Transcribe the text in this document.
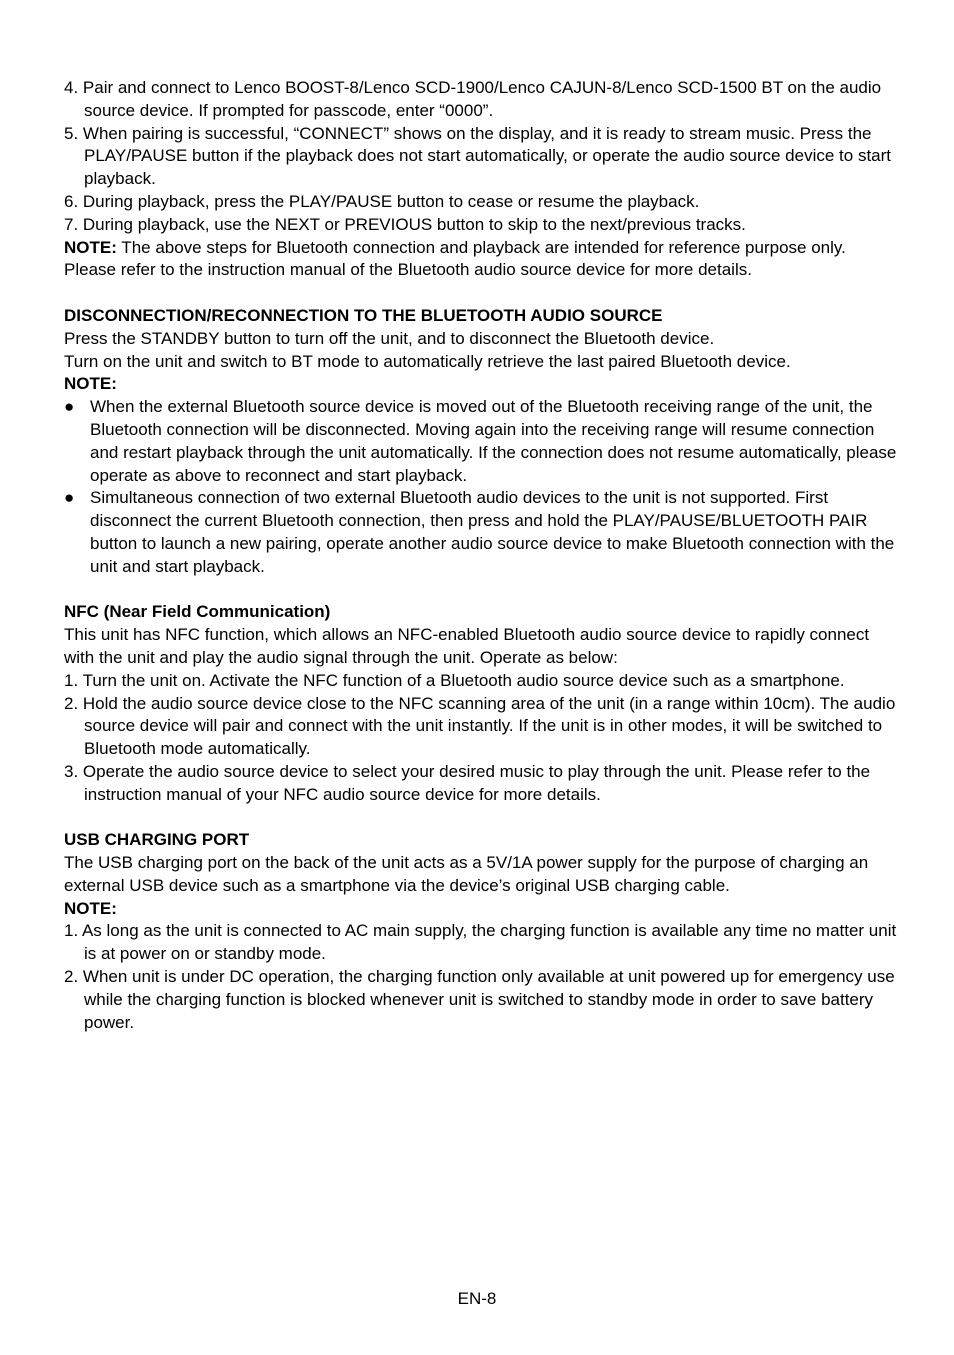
4. Pair and connect to Lenco BOOST-8/Lenco SCD-1900/Lenco CAJUN-8/Lenco SCD-1500 BT on the audio source device. If prompted for passcode, enter “0000”.

5. When pairing is successful, “CONNECT” shows on the display, and it is ready to stream music. Press the PLAY/PAUSE button if the playback does not start automatically, or operate the audio source device to start playback.

6. During playback, press the PLAY/PAUSE button to cease or resume the playback.

7. During playback, use the NEXT or PREVIOUS button to skip to the next/previous tracks.

NOTE: The above steps for Bluetooth connection and playback are intended for reference purpose only. Please refer to the instruction manual of the Bluetooth audio source device for more details.

DISCONNECTION/RECONNECTION TO THE BLUETOOTH AUDIO SOURCE

Press the STANDBY button to turn off the unit, and to disconnect the Bluetooth device.

Turn on the unit and switch to BT mode to automatically retrieve the last paired Bluetooth device.

NOTE:

● When the external Bluetooth source device is moved out of the Bluetooth receiving range of the unit, the Bluetooth connection will be disconnected. Moving again into the receiving range will resume connection and restart playback through the unit automatically. If the connection does not resume automatically, please operate as above to reconnect and start playback.
● Simultaneous connection of two external Bluetooth audio devices to the unit is not supported. First disconnect the current Bluetooth connection, then press and hold the PLAY/PAUSE/BLUETOOTH PAIR button to launch a new pairing, operate another audio source device to make Bluetooth connection with the unit and start playback.

NFC (Near Field Communication)

This unit has NFC function, which allows an NFC-enabled Bluetooth audio source device to rapidly connect with the unit and play the audio signal through the unit. Operate as below:

1. Turn the unit on. Activate the NFC function of a Bluetooth audio source device such as a smartphone.

2. Hold the audio source device close to the NFC scanning area of the unit (in a range within 10cm). The audio source device will pair and connect with the unit instantly. If the unit is in other modes, it will be switched to Bluetooth mode automatically.

3. Operate the audio source device to select your desired music to play through the unit. Please refer to the instruction manual of your NFC audio source device for more details.

USB CHARGING PORT

The USB charging port on the back of the unit acts as a 5V/1A power supply for the purpose of charging an external USB device such as a smartphone via the device’s original USB charging cable.

NOTE:

1. As long as the unit is connected to AC main supply, the charging function is available any time no matter unit is at power on or standby mode.

2. When unit is under DC operation, the charging function only available at unit powered up for emergency use while the charging function is blocked whenever unit is switched to standby mode in order to save battery power.

EN-8
